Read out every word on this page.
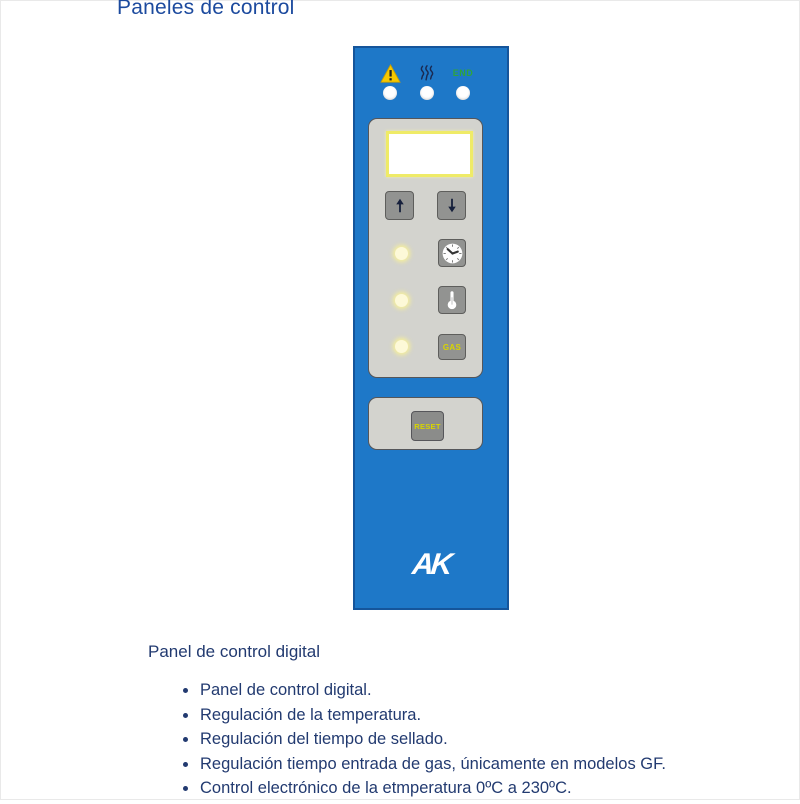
Paneles de control
END
GAS
RESET
AK

Panel de control digital

Panel de control digital.
Regulación de la temperatura.
Regulación del tiempo de sellado.
Regulación tiempo entrada de gas, únicamente en modelos GF.
Control electrónico de la etmperatura 0ºC a 230ºC.
